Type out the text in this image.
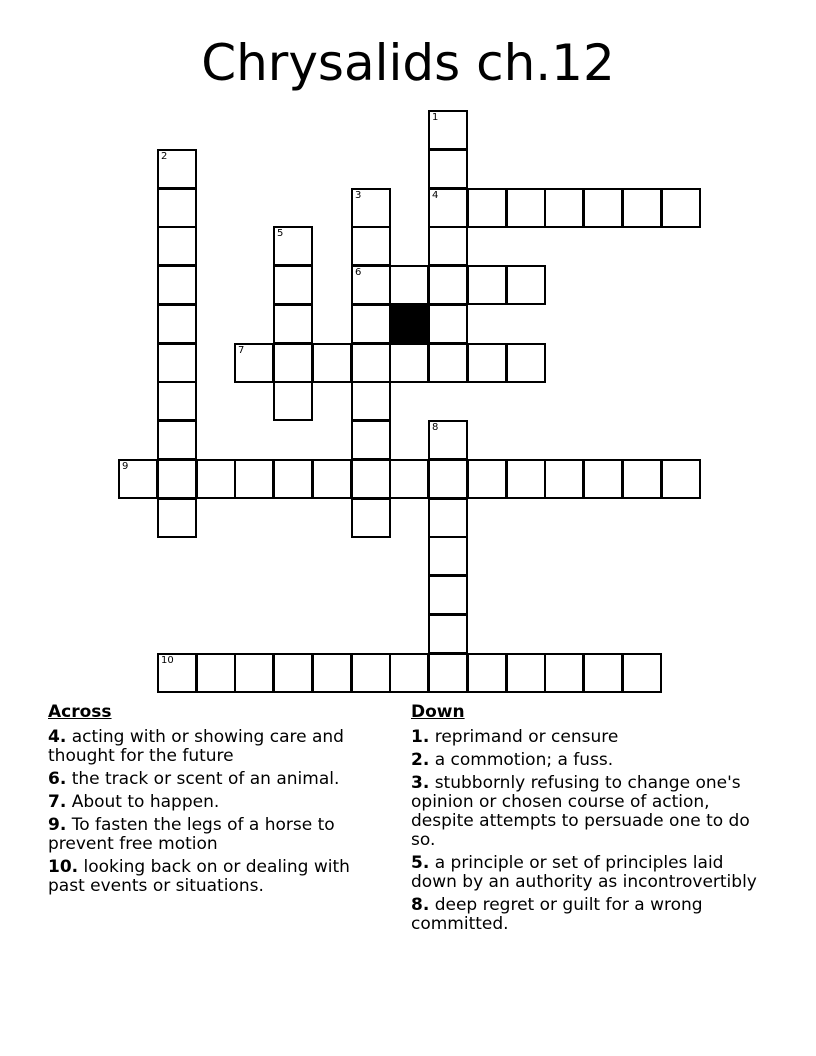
Chrysalids ch.12
1
4
8
2
3
6
5
7
9
10
Across
4. acting with or showing care and thought for the future
6. the track or scent of an animal.
7. About to happen.
9. To fasten the legs of a horse to prevent free motion
10. looking back on or dealing with past events or situations.
Down
1. reprimand or censure
2. a commotion; a fuss.
3. stubbornly refusing to change one's opinion or chosen course of action, despite attempts to persuade one to do so.
5. a principle or set of principles laid down by an authority as incontrovertibly
8. deep regret or guilt for a wrong committed.
